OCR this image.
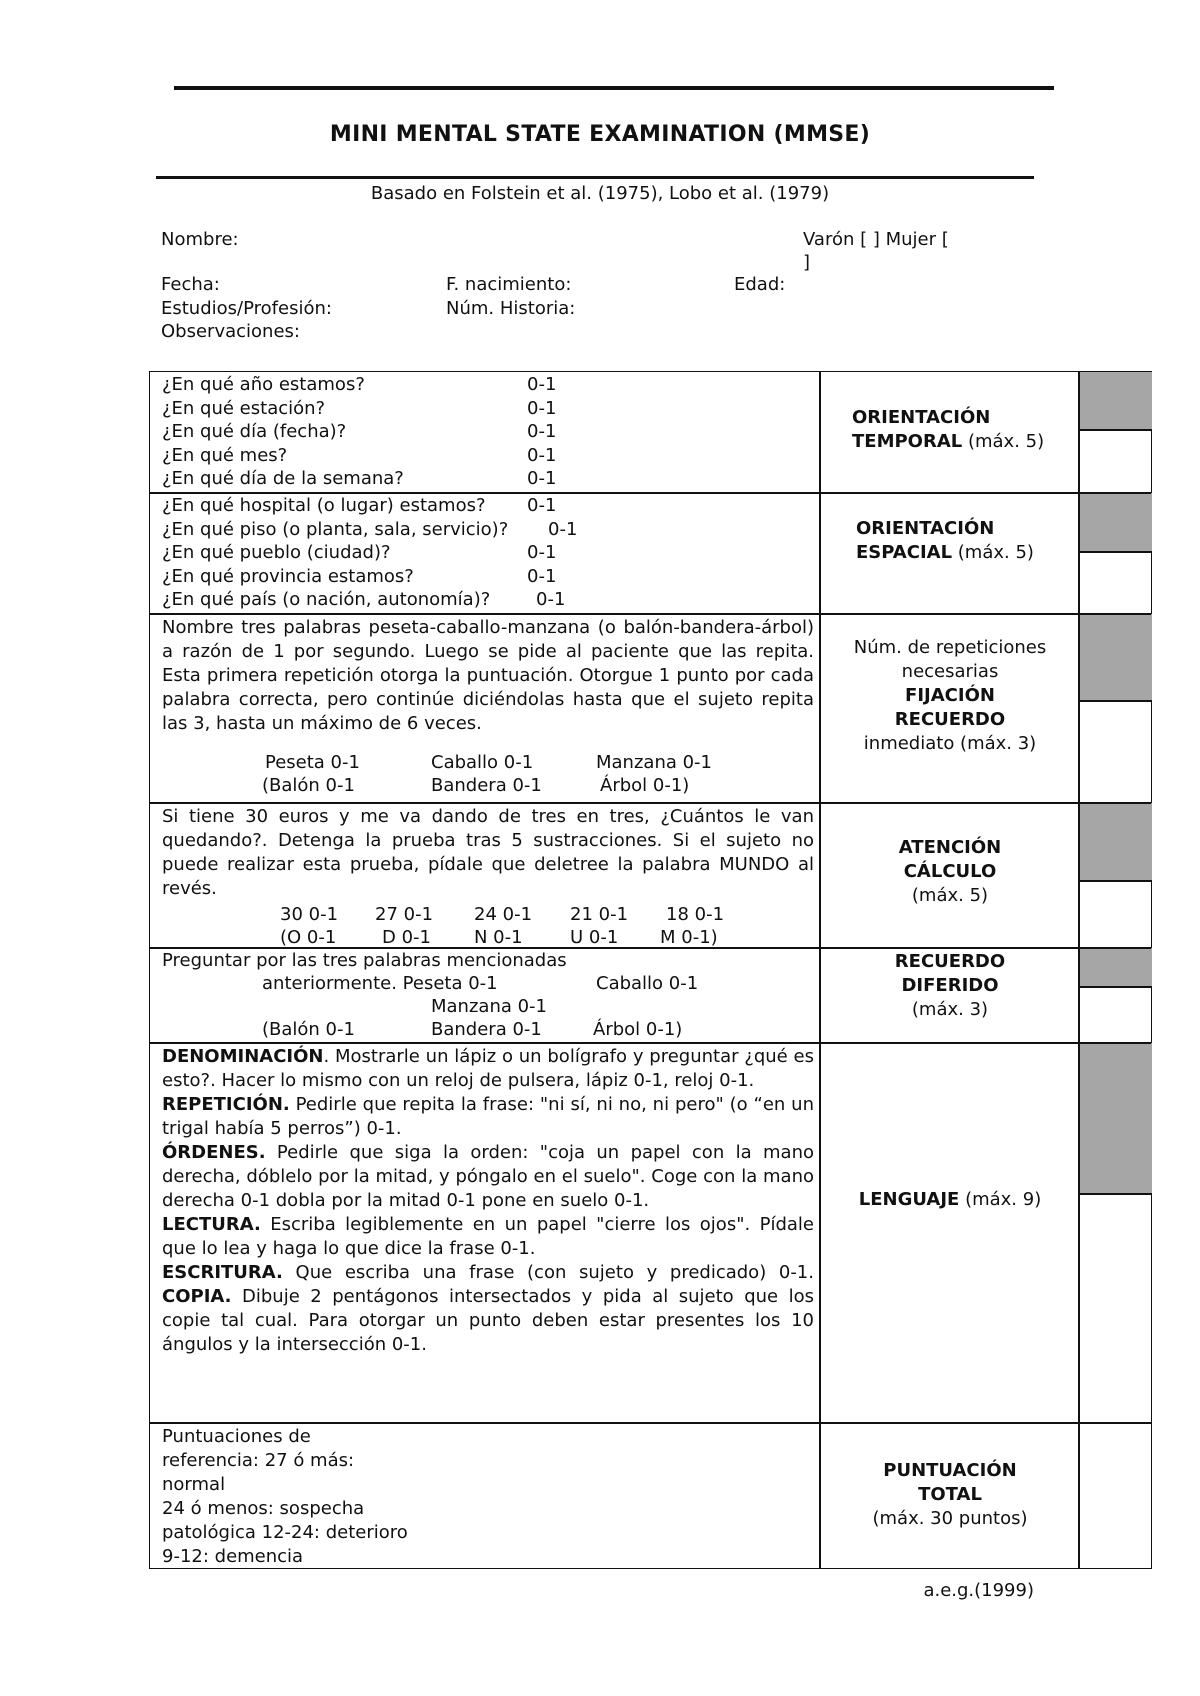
MINI MENTAL STATE EXAMINATION (MMSE)
Basado en Folstein et al. (1975), Lobo et al. (1979)
Nombre:	Varón [ ] Mujer [
]
Fecha:	F. nacimiento:	Edad:
Estudios/Profesión:	Núm. Historia:
Observaciones:
¿En qué año estamos?	0-1
¿En qué estación?	0-1
¿En qué día (fecha)?	0-1
¿En qué mes?	0-1
¿En qué día de la semana?	0-1
ORIENTACIÓN TEMPORAL (máx. 5)
¿En qué hospital (o lugar) estamos? 0-1
¿En qué piso (o planta, sala, servicio)? 0-1
¿En qué pueblo (ciudad)?	0-1
¿En qué provincia estamos?	0-1
¿En qué país (o nación, autonomía)?	0-1
ORIENTACIÓN ESPACIAL (máx. 5)
Nombre tres palabras peseta-caballo-manzana (o balón-bandera-árbol) a razón de 1 por segundo. Luego se pide al paciente que las repita. Esta primera repetición otorga la puntuación. Otorgue 1 punto por cada palabra correcta, pero continúe diciéndolas hasta que el sujeto repita las 3, hasta un máximo de 6 veces.
Peseta 0-1	Caballo 0-1	Manzana 0-1
(Balón 0-1	Bandera 0-1	Árbol 0-1)
Núm. de repeticiones necesarias
FIJACIÓN
RECUERDO
inmediato (máx. 3)
Si tiene 30 euros y me va dando de tres en tres, ¿Cuántos le van quedando?. Detenga la prueba tras 5 sustracciones. Si el sujeto no puede realizar esta prueba, pídale que deletree la palabra MUNDO al revés.
30 0-1 27 0-1 24 0-1 21 0-1 18 0-1
(O 0-1	D 0-1 N 0-1	U 0-1 M 0-1)
ATENCIÓN
CÁLCULO
(máx. 5)
Preguntar por las tres palabras mencionadas
anteriormente. Peseta 0-1	Caballo 0-1
Manzana 0-1
(Balón 0-1	Bandera 0-1	Árbol 0-1)
RECUERDO
DIFERIDO
(máx. 3)
DENOMINACIÓN. Mostrarle un lápiz o un bolígrafo y preguntar ¿qué es esto?. Hacer lo mismo con un reloj de pulsera, lápiz 0-1, reloj 0-1.
REPETICIÓN. Pedirle que repita la frase: "ni sí, ni no, ni pero" (o “en un trigal había 5 perros”) 0-1.
ÓRDENES. Pedirle que siga la orden: "coja un papel con la mano derecha, dóblelo por la mitad, y póngalo en el suelo". Coge con la mano derecha 0-1 dobla por la mitad 0-1 pone en suelo 0-1.
LECTURA. Escriba legiblemente en un papel "cierre los ojos". Pídale que lo lea y haga lo que dice la frase 0-1.
ESCRITURA. Que escriba una frase (con sujeto y predicado) 0-1. COPIA. Dibuje 2 pentágonos intersectados y pida al sujeto que los copie tal cual. Para otorgar un punto deben estar presentes los 10 ángulos y la intersección 0-1.
LENGUAJE (máx. 9)
Puntuaciones de
referencia: 27 ó más:
normal
24 ó menos: sospecha
patológica 12-24: deterioro
9-12: demencia
PUNTUACIÓN
TOTAL
(máx. 30 puntos)
a.e.g.(1999)
